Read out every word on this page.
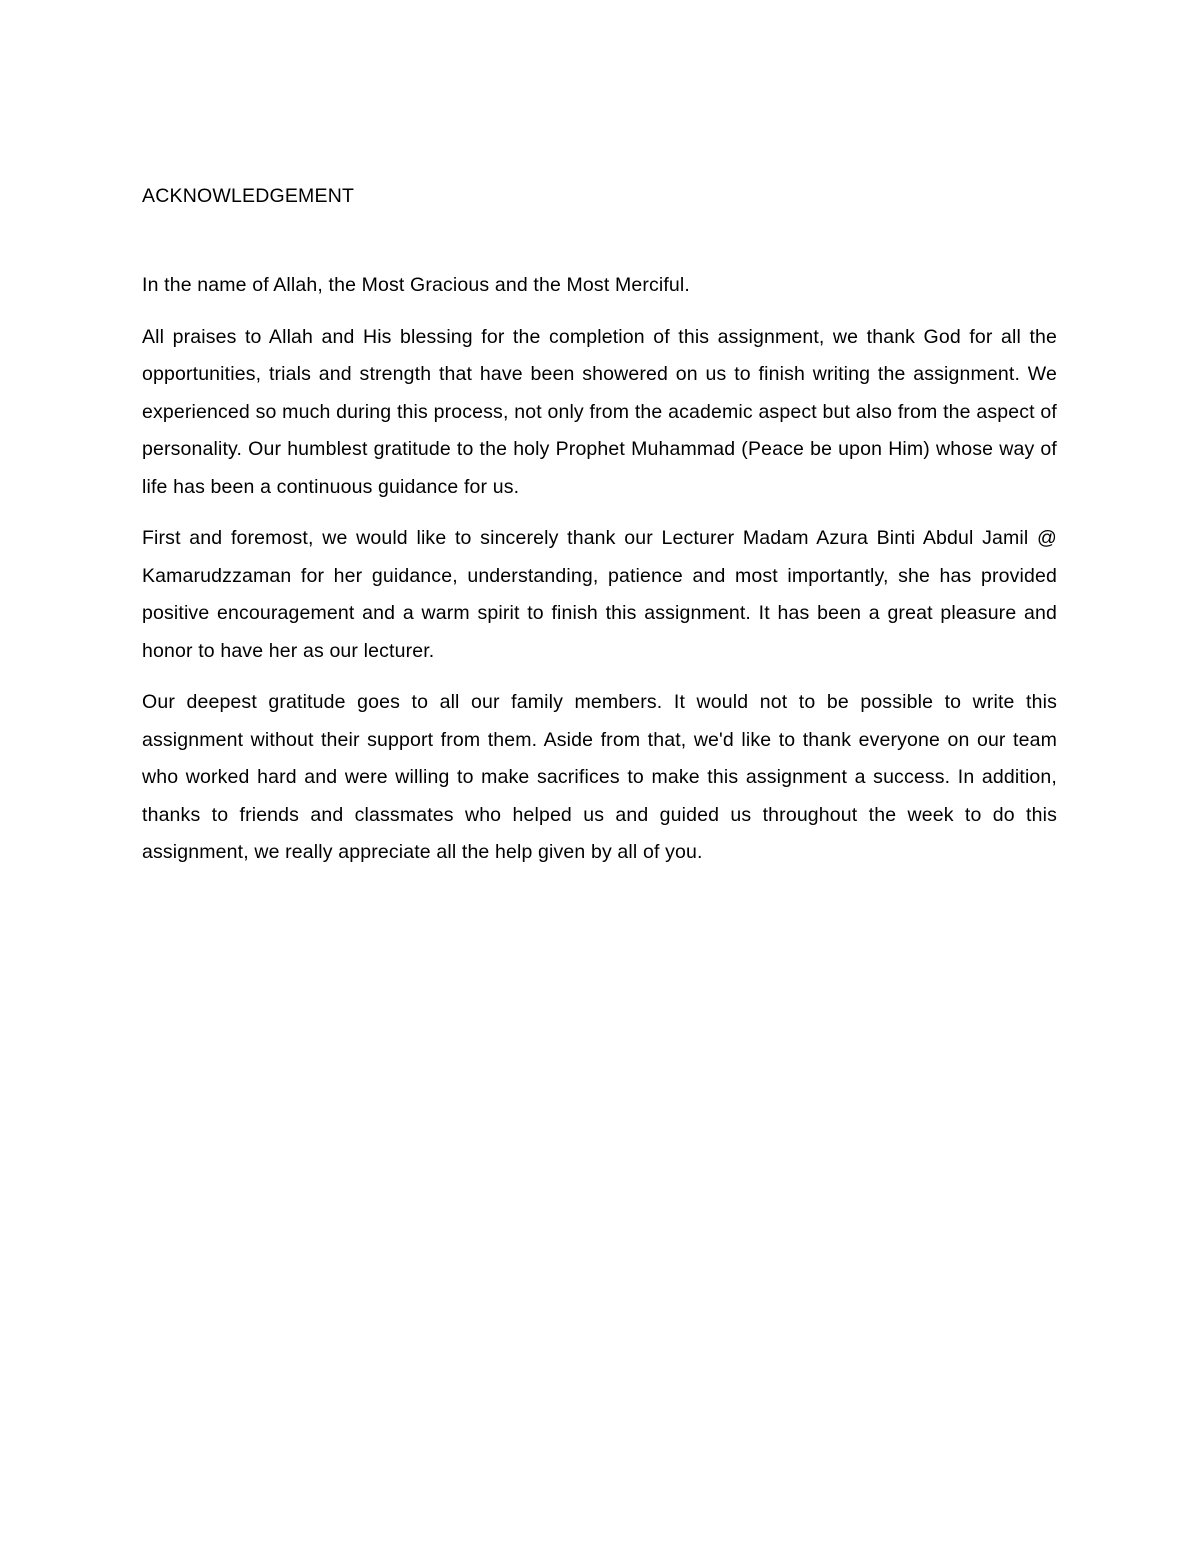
ACKNOWLEDGEMENT

In the name of Allah, the Most Gracious and the Most Merciful.

All praises to Allah and His blessing for the completion of this assignment, we thank God for all the opportunities, trials and strength that have been showered on us to finish writing the assignment. We experienced so much during this process, not only from the academic aspect but also from the aspect of personality. Our humblest gratitude to the holy Prophet Muhammad (Peace be upon Him) whose way of life has been a continuous guidance for us.

First and foremost, we would like to sincerely thank our Lecturer Madam Azura Binti Abdul Jamil @ Kamarudzzaman for her guidance, understanding, patience and most importantly, she has provided positive encouragement and a warm spirit to finish this assignment. It has been a great pleasure and honor to have her as our lecturer.

Our deepest gratitude goes to all our family members. It would not to be possible to write this assignment without their support from them. Aside from that, we'd like to thank everyone on our team who worked hard and were willing to make sacrifices to make this assignment a success. In addition, thanks to friends and classmates who helped us and guided us throughout the week to do this assignment, we really appreciate all the help given by all of you.
